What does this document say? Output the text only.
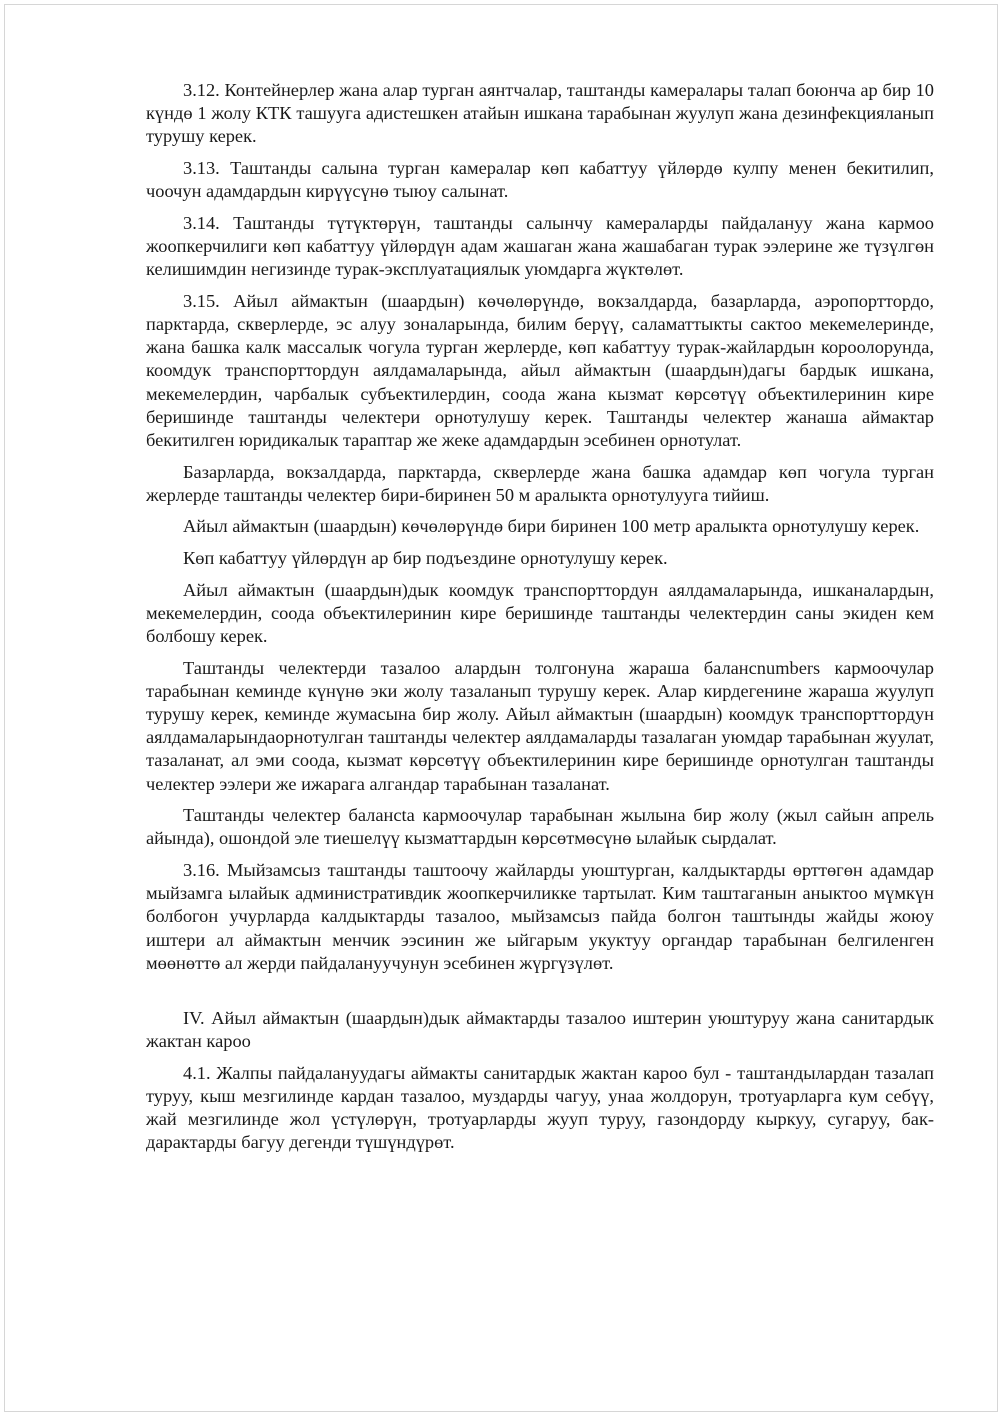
3.12. Контейнерлер жана алар турган аянтчалар, таштанды камералары талап боюнча ар бир 10 күндө 1 жолу КТК ташууга адистешкен атайын ишкана тарабынан жуулуп жана дезинфекцияланып турушу керек.

3.13. Таштанды салына турган камералар көп кабаттуу үйлөрдө кулпу менен бекитилип, чоочун адамдардын кирүүсүнө тыюу салынат.

3.14. Таштанды түтүктөрүн, таштанды салынчу камераларды пайдалануу жана кармоо жоопкерчилиги көп кабаттуу үйлөрдүн адам жашаган жана жашабаган турак ээлерине же түзүлгөн келишимдин негизинде турак-эксплуатациялык уюмдарга жүктөлөт.

3.15. Айыл аймактын (шаардын) көчөлөрүндө, вокзалдарда, базарларда, аэропорттордо, парктарда, скверлерде, эс алуу зоналарында, билим берүү, саламаттыкты сактоо мекемелеринде, жана башка калк массалык чогула турган жерлерде, көп кабаттуу турак-жайлардын короолорунда, коомдук транспорттордун аялдамаларында, айыл аймактын (шаардын)дагы бардык ишкана, мекемелердин, чарбалык субъектилердин, соода жана кызмат көрсөтүү объектилеринин кире беришинде таштанды челектери орнотулушу керек. Таштанды челектер жанаша аймактар бекитилген юридикалык тараптар же жеке адамдардын эсебинен орнотулат.

Базарларда, вокзалдарда, парктарда, скверлерде жана башка адамдар көп чогула турган жерлерде таштанды челектер бири-биринен 50 м аралыкта орнотулууга тийиш.

Айыл аймактын (шаардын) көчөлөрүндө бири биринен 100 метр аралыкта орнотулушу керек.

Көп кабаттуу үйлөрдүн ар бир подъездине орнотулушу керек.

Айыл аймактын (шаардын)дык коомдук транспорттордун аялдамаларында, ишканалардын, мекемелердин, соода объектилеринин кире беришинде таштанды челектердин саны экиден кем болбошу керек.

Таштанды челектерди тазалоо алардын толгонуна жараша балансnumbers кармоочулар тарабынан кеминде күнүнө эки жолу тазаланып турушу керек. Алар кирдегенине жараша жуулуп турушу керек, кеминде жумасына бир жолу. Айыл аймактын (шаардын) коомдук транспорттордун аялдамаларындаорнотулган таштанды челектер аялдамаларды тазалаган уюмдар тарабынан жуулат, тазаланат, ал эми соода, кызмат көрсөтүү объектилеринин кире беришинде орнотулган таштанды челектер ээлери же ижарага алгандар тарабынан тазаланат.

Таштанды челектер балансta кармоочулар тарабынан жылына бир жолу (жыл сайын апрель айында), ошондой эле тиешелүү кызматтардын көрсөтмөсүнө ылайык сырдалат.

3.16. Мыйзамсыз таштанды таштоочу жайларды уюштурган, калдыктарды өрттөгөн адамдар мыйзамга ылайык административдик жоопкерчиликке тартылат. Ким таштаганын аныктоо мүмкүн болбогон учурларда калдыктарды тазалоо, мыйзамсыз пайда болгон таштынды жайды жоюу иштери ал аймактын менчик ээсинин же ыйгарым укуктуу органдар тарабынан белгиленген мөөнөттө ал жерди пайдалануучунун эсебинен жүргүзүлөт.

IV. Айыл аймактын (шаардын)дык аймактарды тазалоо иштерин уюштуруу жана санитардык жактан кароо

4.1. Жалпы пайдалануудагы аймакты санитардык жактан кароо бул - таштандылардан тазалап туруу, кыш мезгилинде кардан тазалоо, муздарды чагуу, унаа жолдорун, тротуарларга кум себүү, жай мезгилинде жол үстүлөрүн, тротуарларды жууп туруу, газондорду кыркуу, сугаруу, бак-дарактарды багуу дегенди түшүндүрөт.
